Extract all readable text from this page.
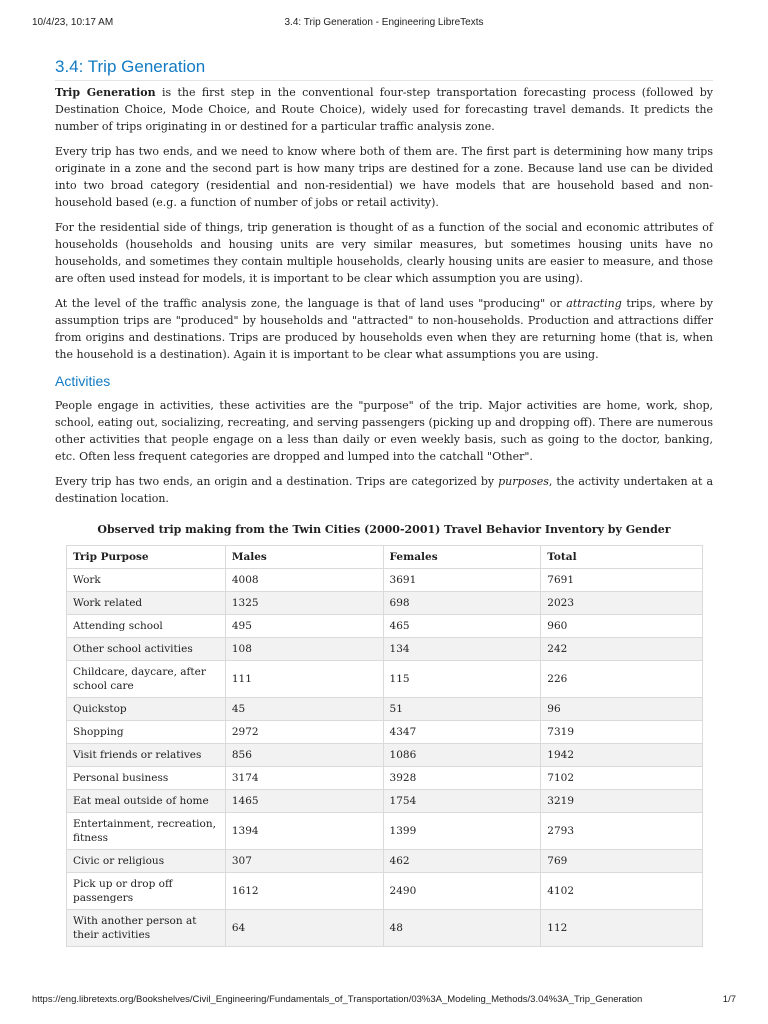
10/4/23, 10:17 AM	3.4: Trip Generation - Engineering LibreTexts
3.4: Trip Generation

Trip Generation is the first step in the conventional four-step transportation forecasting process (followed by Destination Choice, Mode Choice, and Route Choice), widely used for forecasting travel demands. It predicts the number of trips originating in or destined for a particular traffic analysis zone.

Every trip has two ends, and we need to know where both of them are. The first part is determining how many trips originate in a zone and the second part is how many trips are destined for a zone. Because land use can be divided into two broad category (residential and non-residential) we have models that are household based and non-household based (e.g. a function of number of jobs or retail activity).

For the residential side of things, trip generation is thought of as a function of the social and economic attributes of households (households and housing units are very similar measures, but sometimes housing units have no households, and sometimes they contain multiple households, clearly housing units are easier to measure, and those are often used instead for models, it is important to be clear which assumption you are using).

At the level of the traffic analysis zone, the language is that of land uses "producing" or attracting trips, where by assumption trips are "produced" by households and "attracted" to non-households. Production and attractions differ from origins and destinations. Trips are produced by households even when they are returning home (that is, when the household is a destination). Again it is important to be clear what assumptions you are using.

Activities

People engage in activities, these activities are the "purpose" of the trip. Major activities are home, work, shop, school, eating out, socializing, recreating, and serving passengers (picking up and dropping off). There are numerous other activities that people engage on a less than daily or even weekly basis, such as going to the doctor, banking, etc. Often less frequent categories are dropped and lumped into the catchall "Other".

Every trip has two ends, an origin and a destination. Trips are categorized by purposes, the activity undertaken at a destination location.

Observed trip making from the Twin Cities (2000-2001) Travel Behavior Inventory by Gender
Trip Purpose	Males	Females	Total
Work	4008	3691	7691
Work related	1325	698	2023
Attending school	495	465	960
Other school activities	108	134	242
Childcare, daycare, after school care	111	115	226
Quickstop	45	51	96
Shopping	2972	4347	7319
Visit friends or relatives	856	1086	1942
Personal business	3174	3928	7102
Eat meal outside of home	1465	1754	3219
Entertainment, recreation, fitness	1394	1399	2793
Civic or religious	307	462	769
Pick up or drop off passengers	1612	2490	4102
With another person at their activities	64	48	112
https://eng.libretexts.org/Bookshelves/Civil_Engineering/Fundamentals_of_Transportation/03%3A_Modeling_Methods/3.04%3A_Trip_Generation	1/7
